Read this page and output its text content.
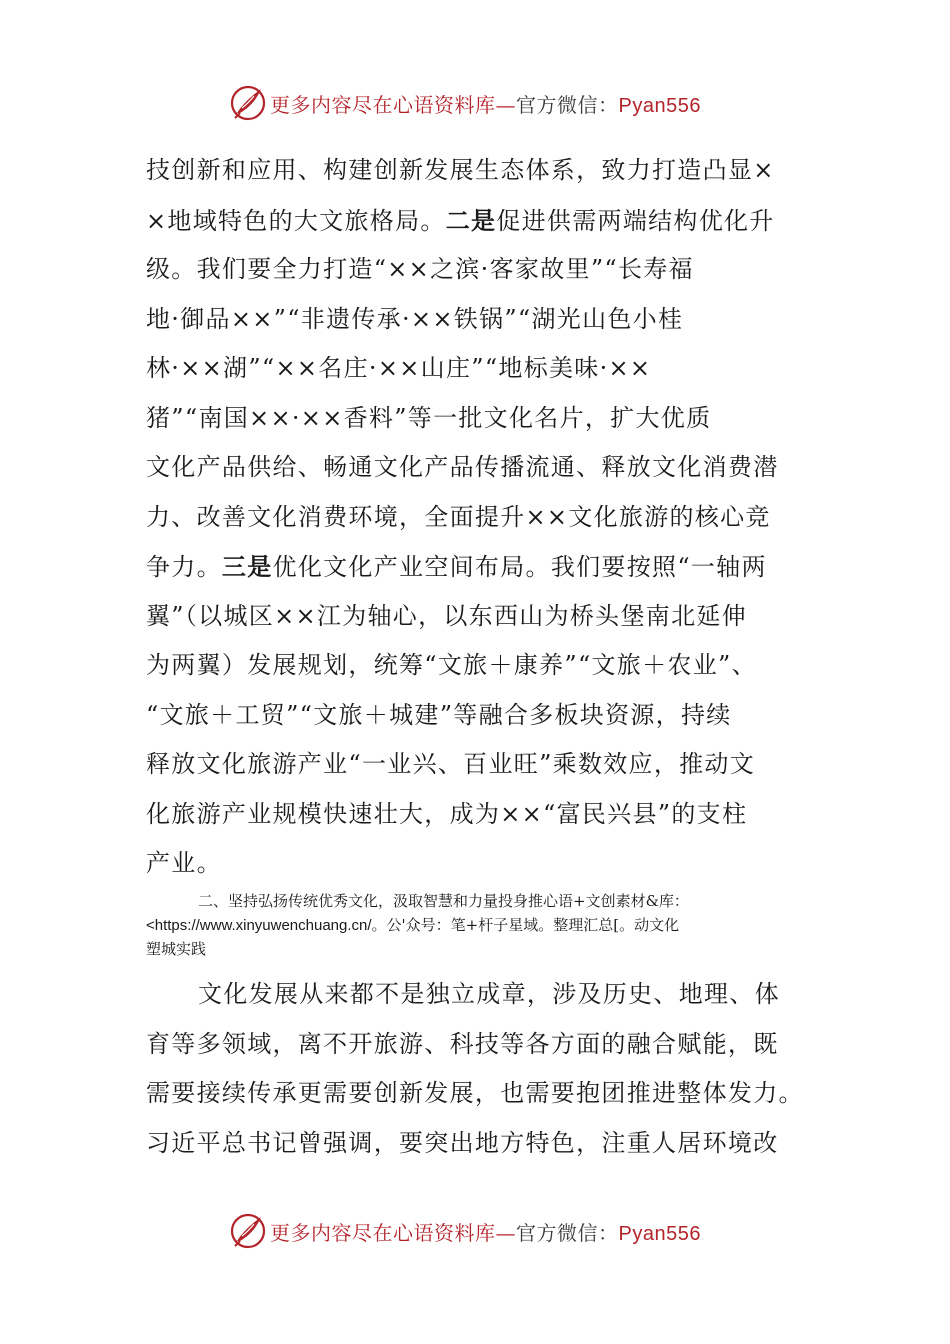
更多内容尽在心语资料库—官方微信：Pyan556
技创新和应用、构建创新发展生态体系，致力打造凸显×
×地域特色的大文旅格局。二是促进供需两端结构优化升
级。我们要全力打造“××之滨·客家故里”“长寿福
地·御品××”“非遗传承·××铁锅”“湖光山色小桂
林·××湖”“××名庄·××山庄”“地标美味·××
猪”“南国××·××香料”等一批文化名片，扩大优质
文化产品供给、畅通文化产品传播流通、释放文化消费潜
力、改善文化消费环境，全面提升××文化旅游的核心竞
争力。三是优化文化产业空间布局。我们要按照“一轴两
翼”（以城区××江为轴心，以东西山为桥头堡南北延伸
为两翼）发展规划，统筹“文旅＋康养”“文旅＋农业”、
“文旅＋工贸”“文旅＋城建”等融合多板块资源，持续
释放文化旅游产业“一业兴、百业旺”乘数效应，推动文
化旅游产业规模快速壮大，成为××“富民兴县”的支柱
产业。
二、坚持弘扬传统优秀文化，汲取智慧和力量投身推心语+文创素材&库：
<https://www.xinyuwenchuang.cn/。公'众号：笔+杆子星域。整理汇总[。动文化
塑城实践
文化发展从来都不是独立成章，涉及历史、地理、体
育等多领域，离不开旅游、科技等各方面的融合赋能，既
需要接续传承更需要创新发展，也需要抱团推进整体发力。
习近平总书记曾强调，要突出地方特色，注重人居环境改
更多内容尽在心语资料库—官方微信：Pyan556
